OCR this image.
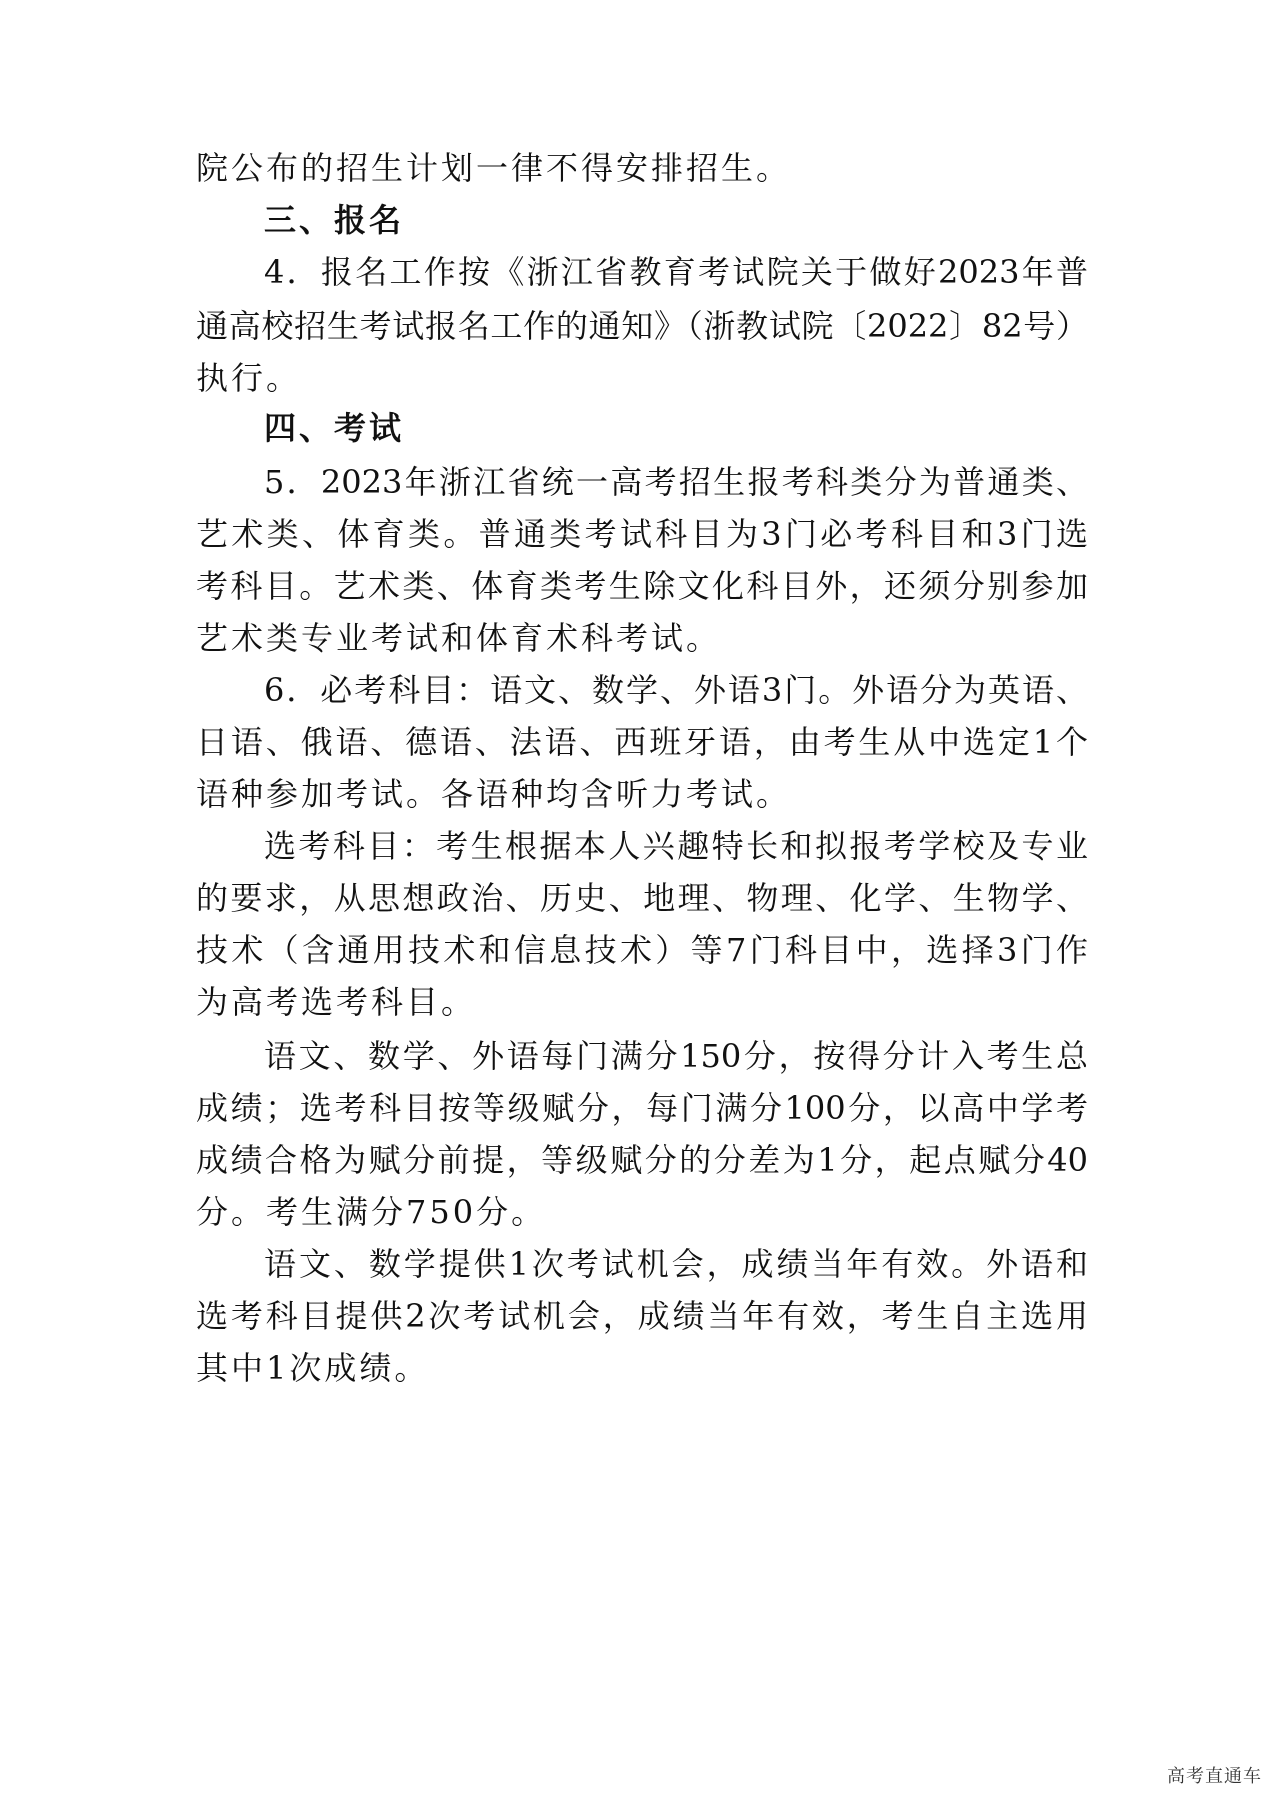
院公布的招生计划一律不得安排招生。
三、报名
4．报名工作按《浙江省教育考试院关于做好2023年普
通高校招生考试报名工作的通知》（浙教试院〔2022〕82号）
执行。
四、考试
5．2023年浙江省统一高考招生报考科类分为普通类、
艺术类、体育类。普通类考试科目为3门必考科目和3门选
考科目。艺术类、体育类考生除文化科目外，还须分别参加
艺术类专业考试和体育术科考试。
6．必考科目：语文、数学、外语3门。外语分为英语、
日语、俄语、德语、法语、西班牙语，由考生从中选定1个
语种参加考试。各语种均含听力考试。
选考科目：考生根据本人兴趣特长和拟报考学校及专业
的要求，从思想政治、历史、地理、物理、化学、生物学、
技术（含通用技术和信息技术）等7门科目中，选择3门作
为高考选考科目。
语文、数学、外语每门满分150分，按得分计入考生总
成绩；选考科目按等级赋分，每门满分100分，以高中学考
成绩合格为赋分前提，等级赋分的分差为1分，起点赋分40
分。考生满分750分。
语文、数学提供1次考试机会，成绩当年有效。外语和
选考科目提供2次考试机会，成绩当年有效，考生自主选用
其中1次成绩。
高考直通车
